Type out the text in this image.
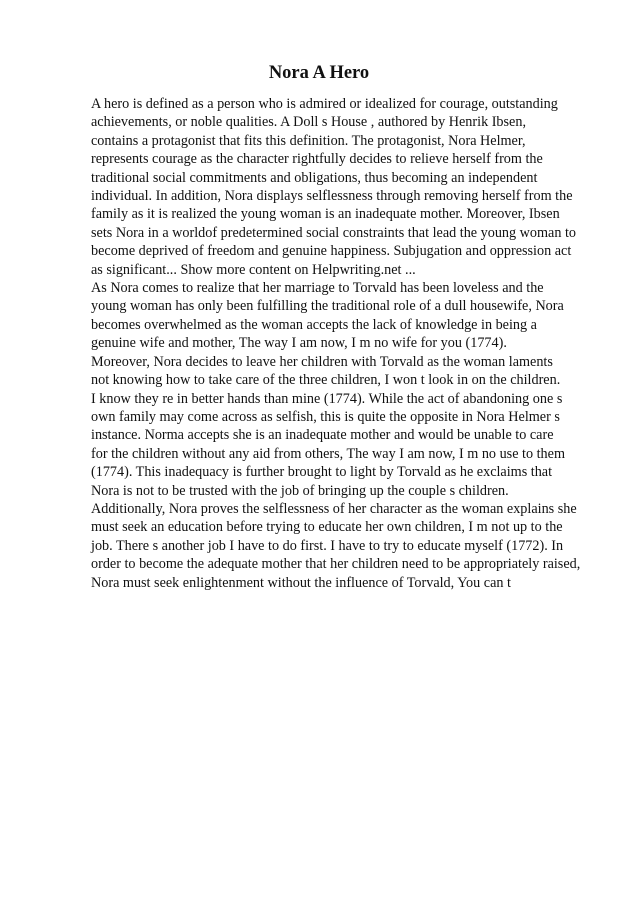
Nora A Hero
A hero is defined as a person who is admired or idealized for courage, outstanding
achievements, or noble qualities. A Doll s House , authored by Henrik Ibsen,
contains a protagonist that fits this definition. The protagonist, Nora Helmer,
represents courage as the character rightfully decides to relieve herself from the
traditional social commitments and obligations, thus becoming an independent
individual. In addition, Nora displays selflessness through removing herself from the
family as it is realized the young woman is an inadequate mother. Moreover, Ibsen
sets Nora in a worldof predetermined social constraints that lead the young woman to
become deprived of freedom and genuine happiness. Subjugation and oppression act
as significant... Show more content on Helpwriting.net ...
As Nora comes to realize that her marriage to Torvald has been loveless and the
young woman has only been fulfilling the traditional role of a dull housewife, Nora
becomes overwhelmed as the woman accepts the lack of knowledge in being a
genuine wife and mother, The way I am now, I m no wife for you (1774).
Moreover, Nora decides to leave her children with Torvald as the woman laments
not knowing how to take care of the three children, I won t look in on the children.
I know they re in better hands than mine (1774). While the act of abandoning one s
own family may come across as selfish, this is quite the opposite in Nora Helmer s
instance. Norma accepts she is an inadequate mother and would be unable to care
for the children without any aid from others, The way I am now, I m no use to them
(1774). This inadequacy is further brought to light by Torvald as he exclaims that
Nora is not to be trusted with the job of bringing up the couple s children.
Additionally, Nora proves the selflessness of her character as the woman explains she
must seek an education before trying to educate her own children, I m not up to the
job. There s another job I have to do first. I have to try to educate myself (1772). In
order to become the adequate mother that her children need to be appropriately raised,
Nora must seek enlightenment without the influence of Torvald, You can t
